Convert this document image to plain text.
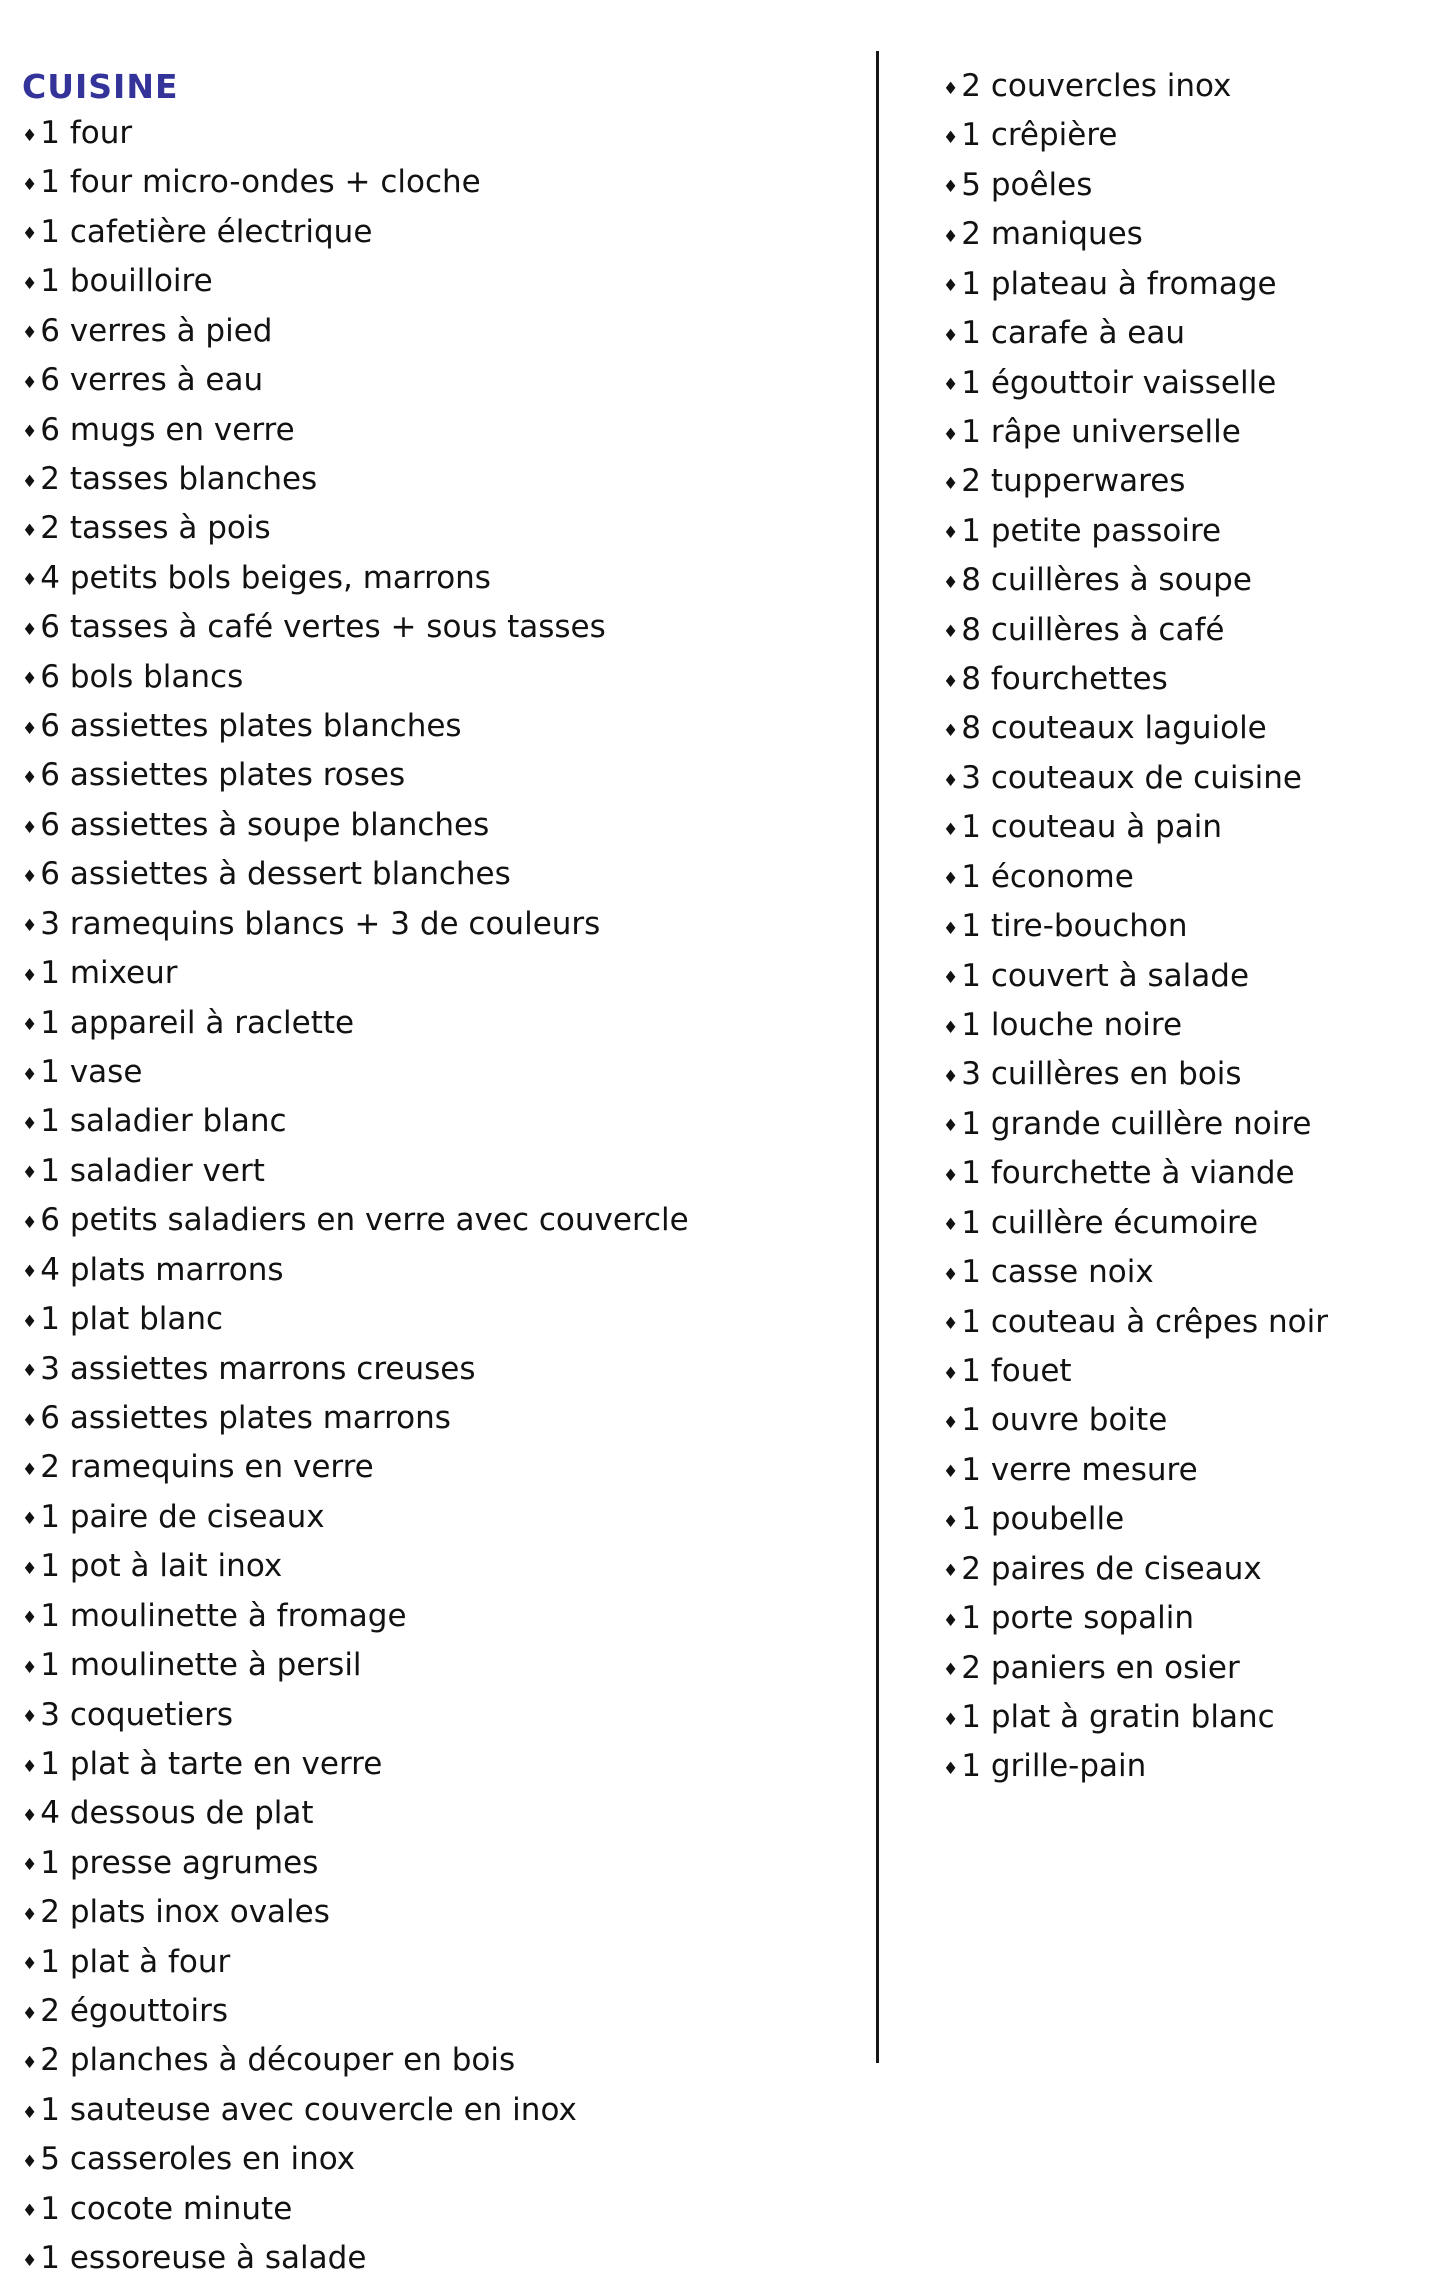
CUISINE
♦1 four
♦1 four micro-ondes + cloche
♦1 cafetière électrique
♦1 bouilloire
♦6 verres à pied
♦6 verres à eau
♦6 mugs en verre
♦2 tasses blanches
♦2 tasses à pois
♦4 petits bols beiges, marrons
♦6 tasses à café vertes + sous tasses
♦6 bols blancs
♦6 assiettes plates blanches
♦6 assiettes plates roses
♦6 assiettes à soupe blanches
♦6 assiettes à dessert blanches
♦3 ramequins blancs + 3 de couleurs
♦1 mixeur
♦1 appareil à raclette
♦1 vase
♦1 saladier blanc
♦1 saladier vert
♦6 petits saladiers en verre avec couvercle
♦4 plats marrons
♦1 plat blanc
♦3 assiettes marrons creuses
♦6 assiettes plates marrons
♦2 ramequins en verre
♦1 paire de ciseaux
♦1 pot à lait inox
♦1 moulinette à fromage
♦1 moulinette à persil
♦3 coquetiers
♦1 plat à tarte en verre
♦4 dessous de plat
♦1 presse agrumes
♦2 plats inox ovales
♦1 plat à four
♦2 égouttoirs
♦2 planches à découper en bois
♦1 sauteuse avec couvercle en inox
♦5 casseroles en inox
♦1 cocote minute
♦1 essoreuse à salade
♦2 couvercles inox
♦1 crêpière
♦5 poêles
♦2 maniques
♦1 plateau à fromage
♦1 carafe à eau
♦1 égouttoir vaisselle
♦1 râpe universelle
♦2 tupperwares
♦1 petite passoire
♦8 cuillères à soupe
♦8 cuillères à café
♦8 fourchettes
♦8 couteaux laguiole
♦3 couteaux de cuisine
♦1 couteau à pain
♦1 économe
♦1 tire-bouchon
♦1 couvert à salade
♦1 louche noire
♦3 cuillères en bois
♦1 grande cuillère noire
♦1 fourchette à viande
♦1 cuillère écumoire
♦1 casse noix
♦1 couteau à crêpes noir
♦1 fouet
♦1 ouvre boite
♦1 verre mesure
♦1 poubelle
♦2 paires de ciseaux
♦1 porte sopalin
♦2 paniers en osier
♦1 plat à gratin blanc
♦1 grille-pain
